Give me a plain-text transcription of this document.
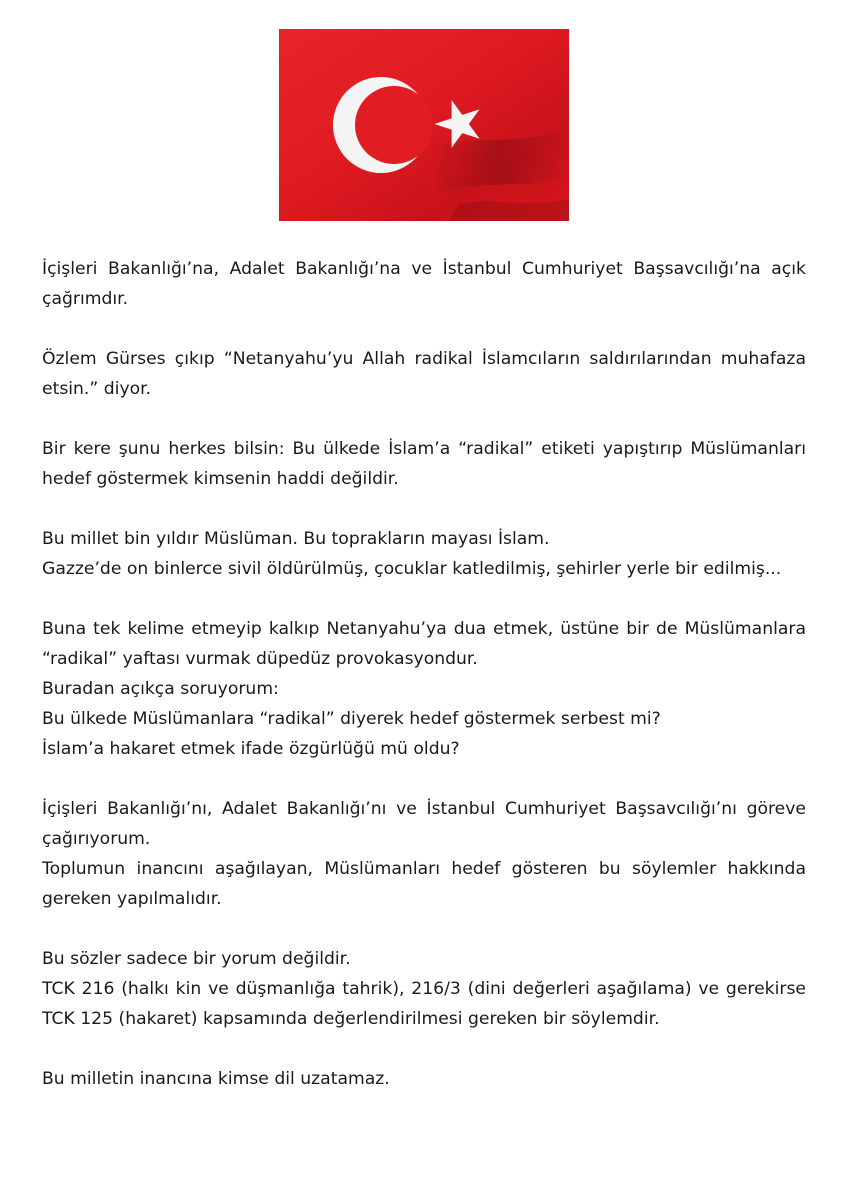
İçişleri Bakanlığı’na, Adalet Bakanlığı’na ve İstanbul Cumhuriyet Başsavcılığı’na açık
çağrımdır.
Özlem Gürses çıkıp “Netanyahu’yu Allah radikal İslamcıların saldırılarından muhafaza
etsin.” diyor.
Bir kere şunu herkes bilsin: Bu ülkede İslam’a “radikal” etiketi yapıştırıp Müslümanları
hedef göstermek kimsenin haddi değildir.
Bu millet bin yıldır Müslüman. Bu toprakların mayası İslam.
Gazze’de on binlerce sivil öldürülmüş, çocuklar katledilmiş, şehirler yerle bir edilmiş...
Buna tek kelime etmeyip kalkıp Netanyahu’ya dua etmek, üstüne bir de Müslümanlara
“radikal” yaftası vurmak düpedüz provokasyondur.
Buradan açıkça soruyorum:
Bu ülkede Müslümanlara “radikal” diyerek hedef göstermek serbest mi?
İslam’a hakaret etmek ifade özgürlüğü mü oldu?
İçişleri Bakanlığı’nı, Adalet Bakanlığı’nı ve İstanbul Cumhuriyet Başsavcılığı’nı göreve
çağırıyorum.
Toplumun inancını aşağılayan, Müslümanları hedef gösteren bu söylemler hakkında
gereken yapılmalıdır.
Bu sözler sadece bir yorum değildir.
TCK 216 (halkı kin ve düşmanlığa tahrik), 216/3 (dini değerleri aşağılama) ve gerekirse
TCK 125 (hakaret) kapsamında değerlendirilmesi gereken bir söylemdir.
Bu milletin inancına kimse dil uzatamaz.
